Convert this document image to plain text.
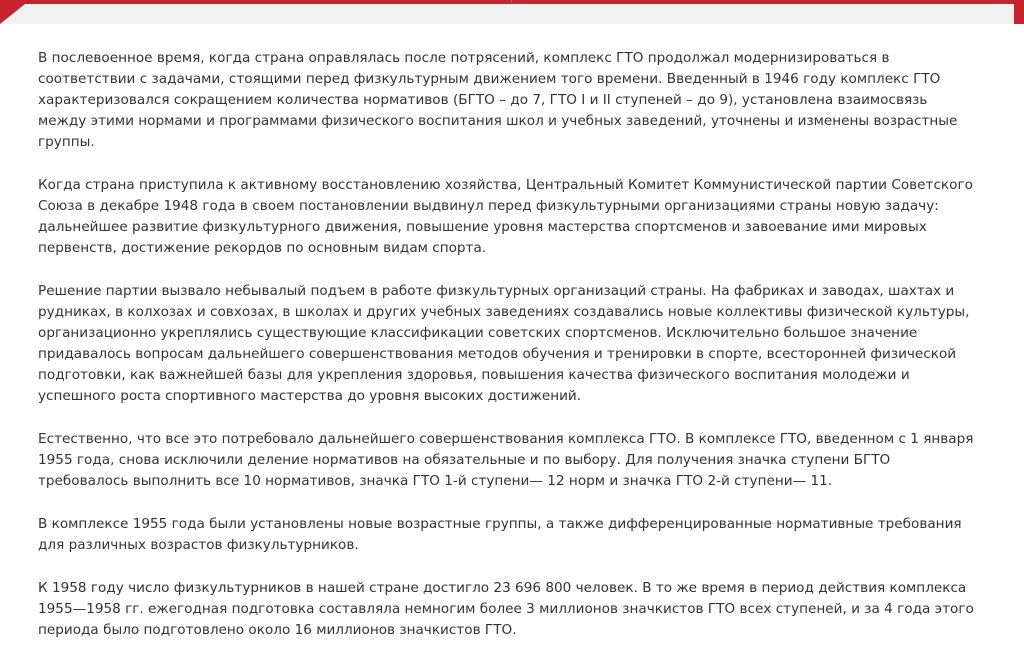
В послевоенное время, когда страна оправлялась после потрясений, комплекс ГТО продолжал модернизироваться в соответствии с задачами, стоящими перед физкультурным движением того времени. Введенный в 1946 году комплекс ГТО характеризовался сокращением количества нормативов (БГТО – до 7, ГТО I и II ступеней – до 9), установлена взаимосвязь между этими нормами и программами физического воспитания школ и учебных заведений, уточнены и изменены возрастные группы.

Когда страна приступила к активному восстановлению хозяйства, Центральный Комитет Коммунистической партии Советского Союза в декабре 1948 года в своем постановлении выдвинул перед физкультурными организациями страны новую задачу: дальнейшее развитие физкультурного движения, повышение уровня мастерства спортсменов и завоевание ими мировых первенств, достижение рекордов по основным видам спорта.

Решение партии вызвало небывалый подъем в работе физкультурных организаций страны. На фабриках и заводах, шахтах и рудниках, в колхозах и совхозах, в школах и других учебных заведениях создавались новые коллективы физической культуры, организационно укреплялись существующие классификации советских спортсменов. Исключительно большое значение придавалось вопросам дальнейшего совершенствования методов обучения и тренировки в спорте, всесторонней физической подготовки, как важнейшей базы для укрепления здоровья, повышения качества физического воспитания молодежи и успешного роста спортивного мастерства до уровня высоких достижений.

Естественно, что все это потребовало дальнейшего совершенствования комплекса ГТО. В комплексе ГТО, введенном с 1 января 1955 года, снова исключили деление нормативов на обязательные и по выбору. Для получения значка ступени БГТО требовалось выполнить все 10 нормативов, значка ГТО 1-й ступени— 12 норм и значка ГТО 2-й ступени— 11.

В комплексе 1955 года были установлены новые возрастные группы, а также дифференцированные нормативные требования для различных возрастов физкультурников.

К 1958 году число физкультурников в нашей стране достигло 23 696 800 человек. В то же время в период действия комплекса 1955—1958 гг. ежегодная подготовка составляла немногим более 3 миллионов значкистов ГТО всех ступеней, и за 4 года этого периода было подготовлено около 16 миллионов значкистов ГТО.
